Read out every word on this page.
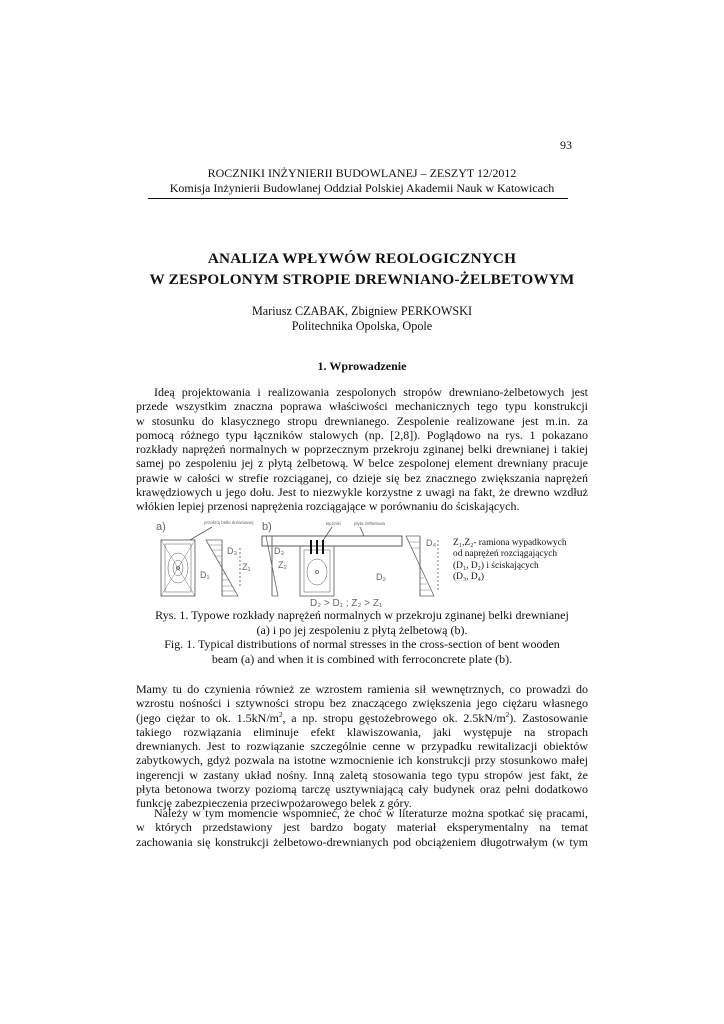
93
ROCZNIKI INŻYNIERII BUDOWLANEJ – ZESZYT 12/2012
Komisja Inżynierii Budowlanej Oddział Polskiej Akademii Nauk w Katowicach
ANALIZA WPŁYWÓW REOLOGICZNYCH
W ZESPOLONYM STROPIE DREWNIANO-ŻELBETOWYM
Mariusz CZABAK, Zbigniew PERKOWSKI
Politechnika Opolska, Opole
1. Wprowadzenie
Ideą projektowania i realizowania zespolonych stropów drewniano-żelbetowych jest
przede wszystkim znaczna poprawa właściwości mechanicznych tego typu konstrukcji
w stosunku do klasycznego stropu drewnianego. Zespolenie realizowane jest m.in. za
pomocą różnego typu łączników stalowych (np. [2,8]). Poglądowo na rys. 1 pokazano
rozkłady naprężeń normalnych w poprzecznym przekroju zginanej belki drewnianej i takiej
samej po zespoleniu jej z płytą żelbetową. W belce zespolonej element drewniany pracuje
prawie w całości w strefie rozciąganej, co dzieje się bez znacznego zwiększania naprężeń
krawędziowych u jego dołu. Jest to niezwykle korzystne z uwagi na fakt, że drewno wzdłuż
włókien lepiej przenosi naprężenia rozciągające w porównaniu do ściskających.
a)	przekrój belki drewnianej
D₁
D₃
Z₁
b)	łączniki	płyta żelbetowa
D₃
Z₂
D₄
D₂
D₂ > D₁ ; Z₂ > Z₁
Z₁,Z₂- ramiona wypadkowych
od naprężeń rozciągających
(D₁, D₂) i ściskających
(D₃, D₄)
Rys. 1. Typowe rozkłady naprężeń normalnych w przekroju zginanej belki drewnianej
(a) i po jej zespoleniu z płytą żelbetową (b).
Fig. 1. Typical distributions of normal stresses in the cross-section of bent wooden
beam (a) and when it is combined with ferroconcrete plate (b).
Mamy tu do czynienia również ze wzrostem ramienia sił wewnętrznych, co prowadzi do
wzrostu nośności i sztywności stropu bez znaczącego zwiększenia jego ciężaru własnego
(jego ciężar to ok. $1.5kN/m^2$, a np. stropu gęstożebrowego ok. $2.5kN/m^2$). Zastosowanie
takiego rozwiązania eliminuje efekt klawiszowania, jaki występuje na stropach
drewnianych. Jest to rozwiązanie szczególnie cenne w przypadku rewitalizacji obiektów
zabytkowych, gdyż pozwala na istotne wzmocnienie ich konstrukcji przy stosunkowo małej
ingerencji w zastany układ nośny. Inną zaletą stosowania tego typu stropów jest fakt, że
płyta betonowa tworzy poziomą tarczę usztywniającą cały budynek oraz pełni dodatkowo
funkcję zabezpieczenia przeciwpożarowego belek z góry.
Należy w tym momencie wspomnieć, że choć w literaturze można spotkać się pracami,
w których przedstawiony jest bardzo bogaty materiał eksperymentalny na temat
zachowania się konstrukcji żelbetowo-drewnianych pod obciążeniem długotrwałym (w tym
